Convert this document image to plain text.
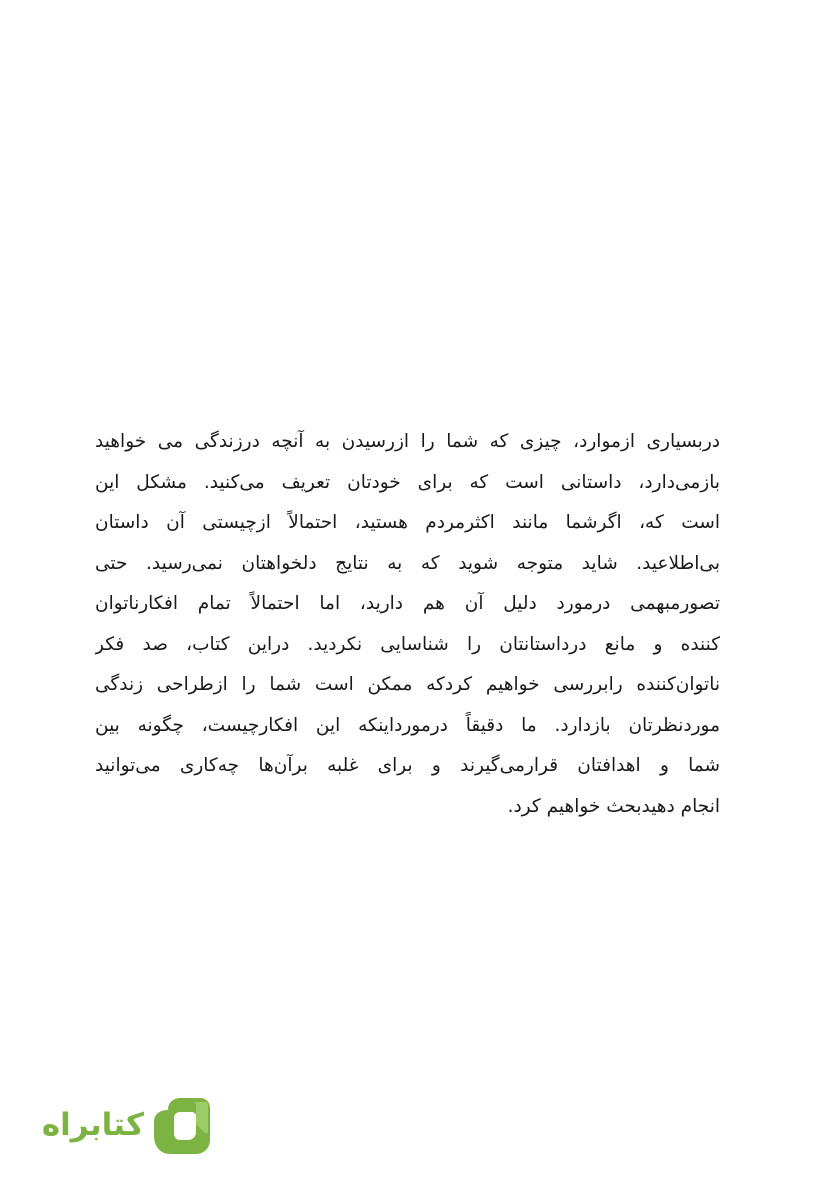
دربسیاری ازموارد، چیزی که شما را ازرسیدن به آنچه درزندگی می خواهید
بازمی‌دارد، داستانی است که برای خودتان تعریف می‌کنید. مشکل این
است که، اگرشما مانند اکثرمردم هستید، احتمالاً ازچیستی آن داستان
بی‌اطلاعید. شاید متوجه شوید که به نتایج دلخواهتان نمی‌رسید. حتی
تصورمبهمی درمورد دلیل آن هم دارید، اما احتمالاً تمام افکارناتوان
کننده و مانع درداستانتان را شناسایی نکردید. دراین کتاب، صد فکر
ناتوان‌کننده رابررسی خواهیم کردکه ممکن است شما را ازطراحی زندگی
موردنظرتان بازدارد. ما دقیقاً درمورداینکه این افکارچیست، چگونه بین
شما و اهدافتان قرارمی‌گیرند و برای غلبه برآن‌ها چه‌کاری می‌توانید
انجام دهیدبحث خواهیم کرد.
کتابراه
